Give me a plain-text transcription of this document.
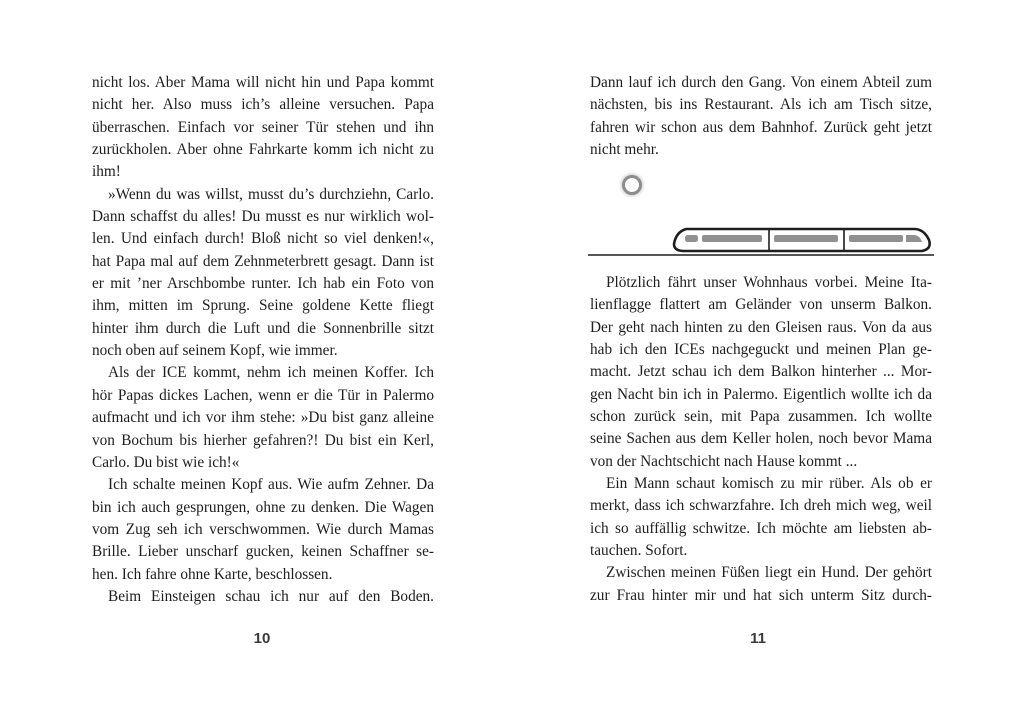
nicht los. Aber Mama will nicht hin und Papa kommt nicht her. Also muss ich’s alleine versuchen. Papa überraschen. Einfach vor seiner Tür stehen und ihn zurückholen. Aber ohne Fahrkarte komm ich nicht zu ihm!

»Wenn du was willst, musst du’s durchziehn, Carlo. Dann schaffst du alles! Du musst es nur wirklich wol- len. Und einfach durch! Bloß nicht so viel denken!«, hat Papa mal auf dem Zehnmeterbrett gesagt. Dann ist er mit ’ner Arschbombe runter. Ich hab ein Foto von ihm, mitten im Sprung. Seine goldene Kette fliegt hinter ihm durch die Luft und die Sonnenbrille sitzt noch oben auf seinem Kopf, wie immer.

Als der ICE kommt, nehm ich meinen Koffer. Ich hör Papas dickes Lachen, wenn er die Tür in Palermo aufmacht und ich vor ihm stehe: »Du bist ganz alleine von Bochum bis hierher gefahren?! Du bist ein Kerl, Carlo. Du bist wie ich!«

Ich schalte meinen Kopf aus. Wie aufm Zehner. Da bin ich auch gesprungen, ohne zu denken. Die Wagen vom Zug seh ich verschwommen. Wie durch Mamas Brille. Lieber unscharf gucken, keinen Schaffner se- hen. Ich fahre ohne Karte, beschlossen.

Beim Einsteigen schau ich nur auf den Boden.

10

Dann lauf ich durch den Gang. Von einem Abteil zum nächsten, bis ins Restaurant. Als ich am Tisch sitze, fahren wir schon aus dem Bahnhof. Zurück geht jetzt nicht mehr.

Plötzlich fährt unser Wohnhaus vorbei. Meine Ita- lienflagge flattert am Geländer von unserm Balkon. Der geht nach hinten zu den Gleisen raus. Von da aus hab ich den ICEs nachgeguckt und meinen Plan ge- macht. Jetzt schau ich dem Balkon hinterher ... Mor- gen Nacht bin ich in Palermo. Eigentlich wollte ich da schon zurück sein, mit Papa zusammen. Ich wollte seine Sachen aus dem Keller holen, noch bevor Mama von der Nachtschicht nach Hause kommt ...

Ein Mann schaut komisch zu mir rüber. Als ob er merkt, dass ich schwarzfahre. Ich dreh mich weg, weil ich so auffällig schwitze. Ich möchte am liebsten ab- tauchen. Sofort.

Zwischen meinen Füßen liegt ein Hund. Der gehört zur Frau hinter mir und hat sich unterm Sitz durch-

11
